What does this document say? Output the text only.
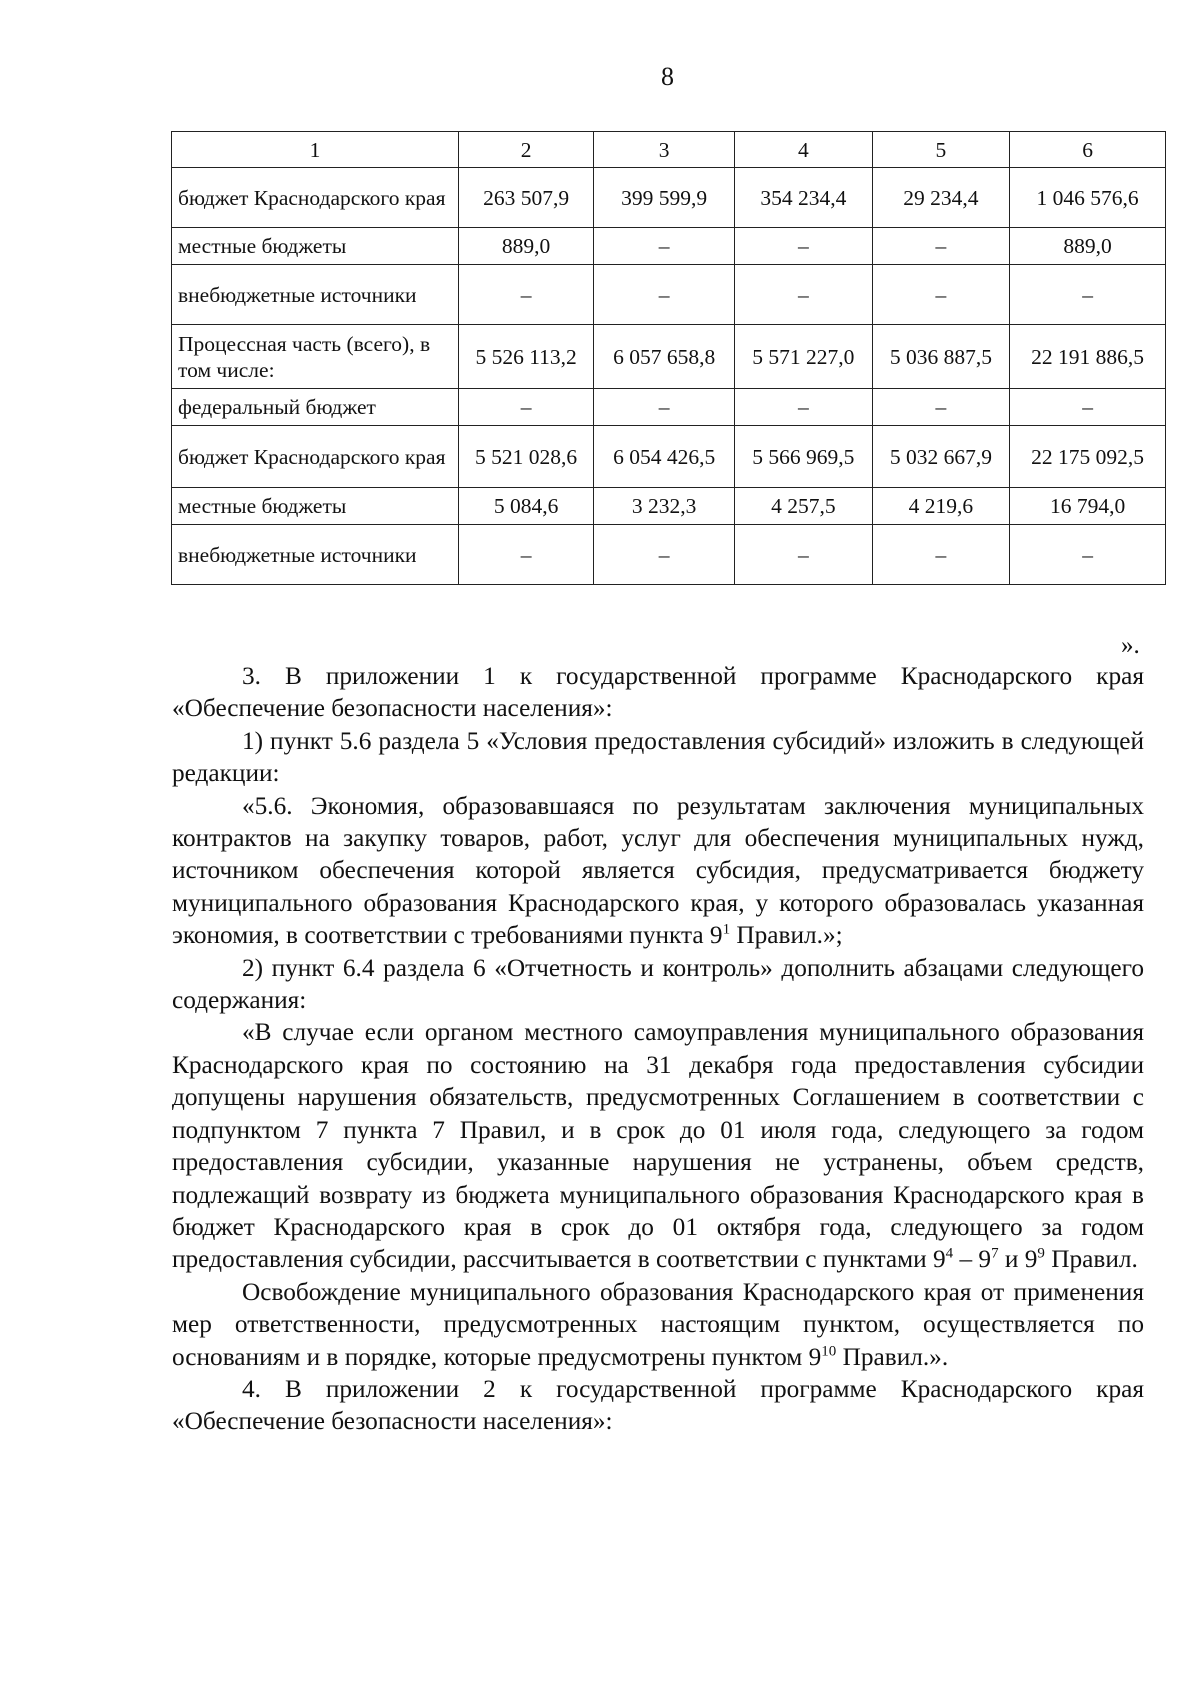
8
1	2	3	4	5	6
бюджет Краснодарского края	263 507,9	399 599,9	354 234,4	29 234,4	1 046 576,6
местные бюджеты	889,0	–	–	–	889,0
внебюджетные источники	–	–	–	–	–
Процессная часть (всего), в том числе:	5 526 113,2	6 057 658,8	5 571 227,0	5 036 887,5	22 191 886,5
федеральный бюджет	–	–	–	–	–
бюджет Краснодарского края	5 521 028,6	6 054 426,5	5 566 969,5	5 032 667,9	22 175 092,5
местные бюджеты	5 084,6	3 232,3	4 257,5	4 219,6	16 794,0
внебюджетные источники	–	–	–	–	–
».

3. В приложении 1 к государственной программе Краснодарского края «Обеспечение безопасности населения»:

1) пункт 5.6 раздела 5 «Условия предоставления субсидий» изложить в следующей редакции:

«5.6. Экономия, образовавшаяся по результатам заключения муниципальных контрактов на закупку товаров, работ, услуг для обеспечения муниципальных нужд, источником обеспечения которой является субсидия, предусматривается бюджету муниципального образования Краснодарского края, у которого образовалась указанная экономия, в соответствии с требованиями пункта $9^1$ Правил.»;

2) пункт 6.4 раздела 6 «Отчетность и контроль» дополнить абзацами следующего содержания:

«В случае если органом местного самоуправления муниципального образования Краснодарского края по состоянию на 31 декабря года предоставления субсидии допущены нарушения обязательств, предусмотренных Соглашением в соответствии с подпунктом 7 пункта 7 Правил, и в срок до 01 июля года, следующего за годом предоставления субсидии, указанные нарушения не устранены, объем средств, подлежащий возврату из бюджета муниципального образования Краснодарского края в бюджет Краснодарского края в срок до 01 октября года, следующего за годом предоставления субсидии, рассчитывается в соответствии с пунктами $9^4 - 9^7$ и $9^9$ Правил.

Освобождение муниципального образования Краснодарского края от применения мер ответственности, предусмотренных настоящим пунктом, осуществляется по основаниям и в порядке, которые предусмотрены пунктом $9^{10}$ Правил.».

4. В приложении 2 к государственной программе Краснодарского края «Обеспечение безопасности населения»:
